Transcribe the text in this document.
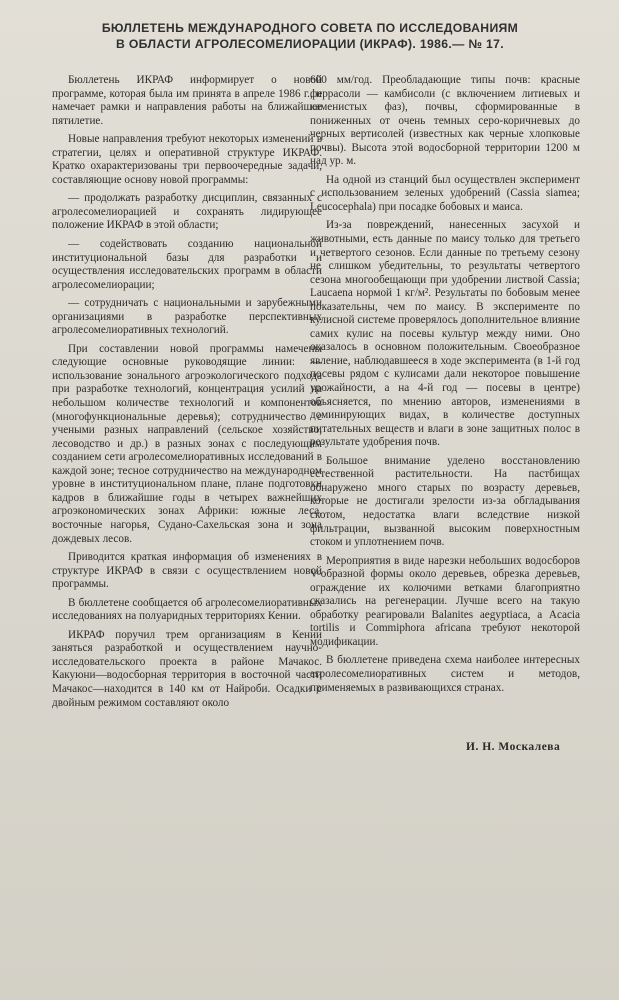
БЮЛЛЕТЕНЬ МЕЖДУНАРОДНОГО СОВЕТА ПО ИССЛЕДОВАНИЯМ
В ОБЛАСТИ АГРОЛЕСОМЕЛИОРАЦИИ (ИКРАФ). 1986.— № 17.

Бюллетень ИКРАФ информирует о новой программе, которая была им принята в апреле 1986 г., и намечает рамки и направления работы на ближайшее пятилетие.

Новые направления требуют некоторых изменений в стратегии, целях и оперативной структуре ИКРАФ. Кратко охарактеризованы три первоочередные задачи, составляющие основу новой программы:

— продолжать разработку дисциплин, связанных с агролесомелиорацией и сохранять лидирующее положение ИКРАФ в этой области;

— содействовать созданию национальной институциональной базы для разработки и осуществления исследовательских программ в области агролесомелиорации;

— сотрудничать с национальными и зарубежными организациями в разработке перспективных агролесомелиоративных технологий.

При составлении новой программы намечены следующие основные руководящие линии: — использование зонального агроэкологического подхода при разработке технологий, концентрация усилий на небольшом количестве технологий и компонентов (многофункциональные деревья); сотрудничество с учеными разных направлений (сельское хозяйство, лесоводство и др.) в разных зонах с последующим созданием сети агролесомелиоративных исследований в каждой зоне; тесное сотрудничество на международном уровне в институциональном плане, плане подготовки кадров в ближайшие годы в четырех важнейших агроэкономических зонах Африки: южные леса, восточные нагорья, Судано-Сахельская зона и зона дождевых лесов.

Приводится краткая информация об изменениях в структуре ИКРАФ в связи с осуществлением новой программы.

В бюллетене сообщается об агролесомелиоративных исследованиях на полуаридных территориях Кении.

ИКРАФ поручил трем организациям в Кении заняться разработкой и осуществлением научно-исследовательского проекта в районе Мачакос. Какуюни—водосборная территория в восточной части Мачакос—находится в 140 км от Найроби. Осадки с двойным режимом составляют около

600 мм/год. Преобладающие типы почв: красные феррасоли — камбисоли (с включением литиевых и каменистых фаз), почвы, сформированные в пониженных от очень темных серо-коричневых до черных вертисолей (известных как черные хлопковые почвы). Высота этой водосборной территории 1200 м над ур. м.

На одной из станций был осуществлен эксперимент с использованием зеленых удобрений (Cassia siamea; Leucocephala) при посадке бобовых и маиса.

Из-за повреждений, нанесенных засухой и животными, есть данные по маису только для третьего и четвертого сезонов. Если данные по третьему сезону не слишком убедительны, то результаты четвертого сезона многообещающи при удобрении листвой Cassia; Laucaena нормой 1 кг/м². Результаты по бобовым менее показательны, чем по маису. В эксперименте по кулисной системе проверялось дополнительное влияние самих кулис на посевы культур между ними. Оно оказалось в основном положительным. Своеобразное явление, наблюдавшееся в ходе эксперимента (в 1-й год посевы рядом с кулисами дали некоторое повышение урожайности, а на 4-й год — посевы в центре) объясняется, по мнению авторов, изменениями в доминирующих видах, в количестве доступных питательных веществ и влаги в зоне защитных полос в результате удобрения почв.

Большое внимание уделено восстановлению естественной растительности. На пастбищах обнаружено много старых по возрасту деревьев, которые не достигали зрелости из-за обгладывания скотом, недостатка влаги вследствие низкой фильтрации, вызванной высоким поверхностным стоком и уплотнением почв.

Мероприятия в виде нарезки небольших водосборов V-образной формы около деревьев, обрезка деревьев, ограждение их колючими ветками благоприятно сказались на регенерации. Лучше всего на такую обработку реагировали Balanites aegyptiaca, а Acacia tortilis и Commiphora africana требуют некоторой модификации.

В бюллетене приведена схема наиболее интересных агролесомелиоративных систем и методов, применяемых в развивающихся странах.

И. Н. Москалева
